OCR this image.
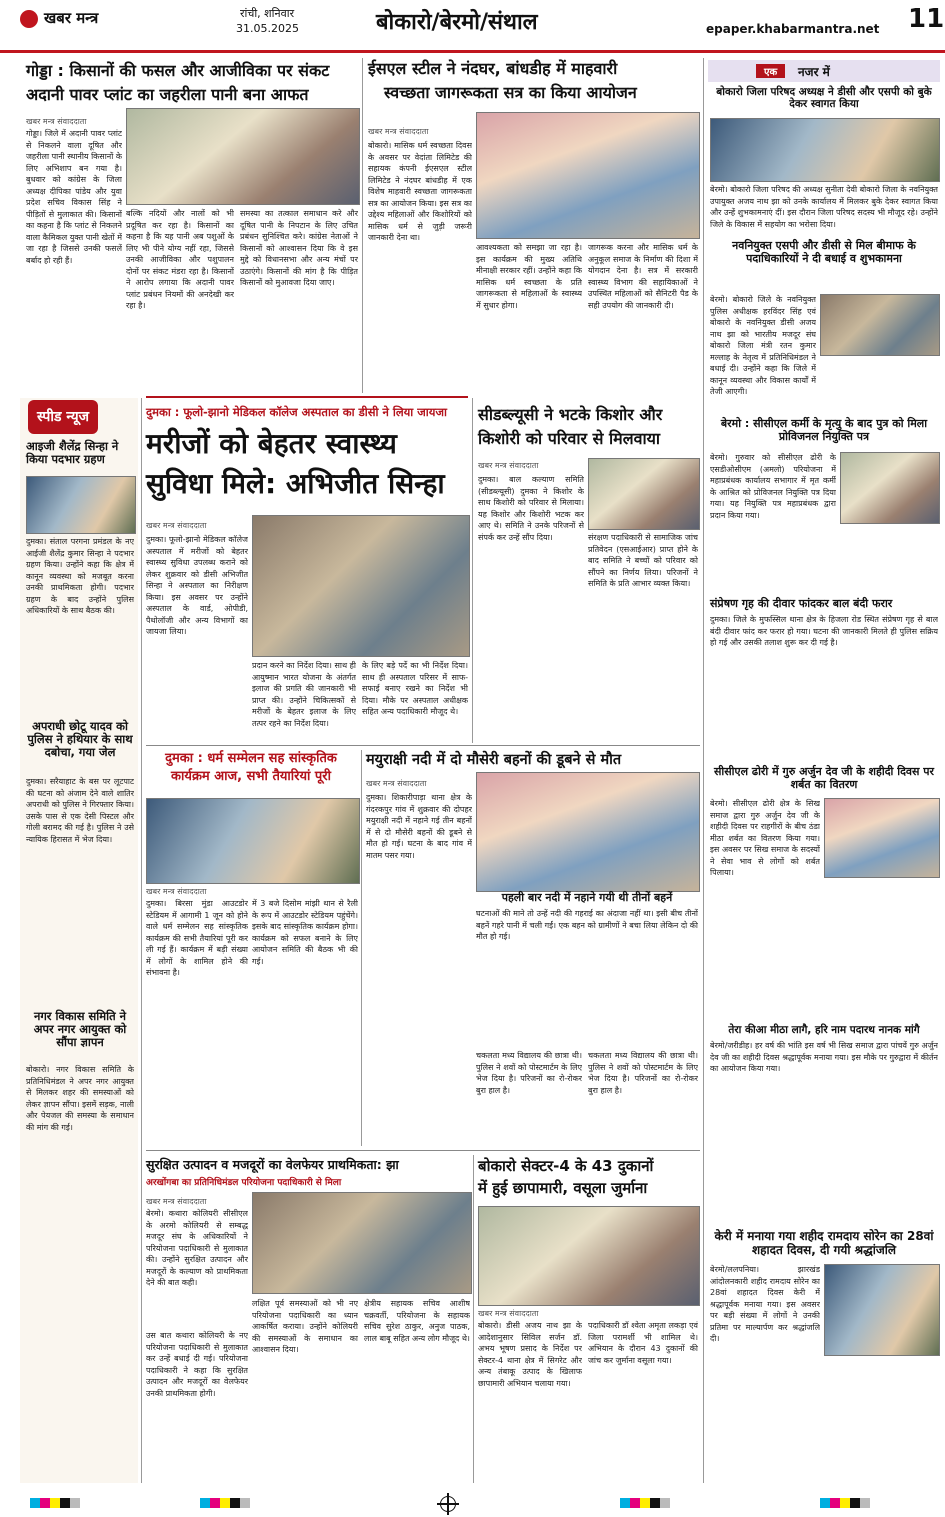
खबर मन्त्र	रांची, शनिवार
31.05.2025	बोकारो/बेरमो/संथाल	epaper.khabarmantra.net 11
गोड्डा : किसानों की फसल और आजीविका पर संकट
अदानी पावर प्लांट का जहरीला पानी बना आफत
खबर मन्त्र संवाददाता
गोड्डा। जिले में अदानी पावर प्लांट से निकलने वाला दूषित और जहरीला पानी स्थानीय किसानों के लिए अभिशाप बन गया है। बुधवार को कांग्रेस के जिला अध्यक्ष दीपिका पांडेय और युवा प्रदेश सचिव विकास सिंह ने पीड़ितों से मुलाकात की। किसानों का कहना है कि प्लांट से निकलने वाला कैमिकल युक्त पानी खेतों में जा रहा है जिससे उनकी फसलें बर्बाद हो रही हैं।
बल्कि नदियों और नालों को भी प्रदूषित कर रहा है। किसानों का कहना है कि यह पानी अब पशुओं के लिए भी पीने योग्य नहीं रहा, जिससे उनकी आजीविका और पशुपालन दोनों पर संकट मंडरा रहा है। किसानों ने आरोप लगाया कि अदानी पावर प्लांट प्रबंधन नियमों की अनदेखी कर रहा है।
समस्या का तत्काल समाधान करे और दूषित पानी के निपटान के लिए उचित प्रबंधन सुनिश्चित करे। कांग्रेस नेताओं ने किसानों को आश्वासन दिया कि वे इस मुद्दे को विधानसभा और अन्य मंचों पर उठाएंगे। किसानों की मांग है कि पीड़ित किसानों को मुआवजा दिया जाए।
ईसएल स्टील ने नंदघर, बांधडीह में माहवारी
स्वच्छता जागरूकता सत्र का किया आयोजन
खबर मन्त्र संवाददाता
बोकारो। मासिक धर्म स्वच्छता दिवस के अवसर पर वेदांता लिमिटेड की सहायक कंपनी ईएसएल स्टील लिमिटेड ने नंदघर बांधडीह में एक विशेष माहवारी स्वच्छता जागरूकता सत्र का आयोजन किया। इस सत्र का उद्देश्य महिलाओं और किशोरियों को मासिक धर्म से जुड़ी जरूरी जानकारी देना था।
आवश्यकता को समझा जा रहा है। इस कार्यक्रम की मुख्य अतिथि मीनाक्षी सरकार रहीं। उन्होंने कहा कि मासिक धर्म स्वच्छता के प्रति जागरूकता से महिलाओं के स्वास्थ्य में सुधार होगा।
जागरूक करना और मासिक धर्म के अनुकूल समाज के निर्माण की दिशा में योगदान देना है। सत्र में सरकारी स्वास्थ्य विभाग की सहायिकाओं ने उपस्थित महिलाओं को सैनिटरी पैड के सही उपयोग की जानकारी दी।
एक	नजर में
बोकारो जिला परिषद अध्यक्ष ने डीसी और एसपी को बुके देकर स्वागत किया
बेरमो। बोकारो जिला परिषद की अध्यक्ष सुनीता देवी बोकारो जिला के नवनियुक्त उपायुक्त अजय नाथ झा को उनके कार्यालय में मिलकर बुके देकर स्वागत किया और उन्हें शुभकामनाएं दीं। इस दौरान जिला परिषद सदस्य भी मौजूद रहे। उन्होंने जिले के विकास में सहयोग का भरोसा दिया।
नवनियुक्त एसपी और डीसी से मिल बीमाफ के पदाधिकारियों ने दी बधाई व शुभकामना
बेरमो। बोकारो जिले के नवनियुक्त पुलिस अधीक्षक हरविंदर सिंह एवं बोकारो के नवनियुक्त डीसी अजय नाथ झा को भारतीय मजदूर संघ बोकारो जिला मंत्री रतन कुमार मल्लाह के नेतृत्व में प्रतिनिधिमंडल ने बधाई दी। उन्होंने कहा कि जिले में कानून व्यवस्था और विकास कार्यों में तेजी आएगी।
बेरमो : सीसीएल कर्मी के मृत्यु के बाद पुत्र को मिला प्रोविजनल नियुक्ति पत्र
बेरमो। गुरुवार को सीसीएल ढोरी के एसडीओसीएम (अमलो) परियोजना में महाप्रबंधक कार्यालय सभागार में मृत कर्मी के आश्रित को प्रोविजनल नियुक्ति पत्र दिया गया। यह नियुक्ति पत्र महाप्रबंधक द्वारा प्रदान किया गया।
संप्रेषण गृह की दीवार फांदकर बाल बंदी फरार
दुमका। जिले के मुफस्सिल थाना क्षेत्र के हिजला रोड स्थित संप्रेषण गृह से बाल बंदी दीवार फांद कर फरार हो गया। घटना की जानकारी मिलते ही पुलिस सक्रिय हो गई और उसकी तलाश शुरू कर दी गई है।
सीसीएल ढोरी में गुरु अर्जुन देव जी के शहीदी दिवस पर शर्बत का वितरण
बेरमो। सीसीएल ढोरी क्षेत्र के सिख समाज द्वारा गुरु अर्जुन देव जी के शहीदी दिवस पर राहगीरों के बीच ठंडा मीठा शर्बत का वितरण किया गया। इस अवसर पर सिख समाज के सदस्यों ने सेवा भाव से लोगों को शर्बत पिलाया।
तेरा कीआ मीठा लागै, हरि नाम पदारथ नानक मांगै
बेरमो/जरीडीह। हर वर्ष की भांति इस वर्ष भी सिख समाज द्वारा पांचवें गुरु अर्जुन देव जी का शहीदी दिवस श्रद्धापूर्वक मनाया गया। इस मौके पर गुरुद्वारा में कीर्तन का आयोजन किया गया।
केरी में मनाया गया शहीद रामदाय सोरेन का 28वां शहादत दिवस, दी गयी श्रद्धांजलि
बेरमो/ललपनिया। झारखंड आंदोलनकारी शहीद रामदाय सोरेन का 28वां शहादत दिवस केरी में श्रद्धापूर्वक मनाया गया। इस अवसर पर बड़ी संख्या में लोगों ने उनकी प्रतिमा पर माल्यार्पण कर श्रद्धांजलि दी।
स्पीड न्यूज
आइजी शैलेंद्र सिन्हा ने किया पदभार ग्रहण
दुमका। संताल परगना प्रमंडल के नए आईजी शैलेंद्र कुमार सिन्हा ने पदभार ग्रहण किया। उन्होंने कहा कि क्षेत्र में कानून व्यवस्था को मजबूत करना उनकी प्राथमिकता होगी। पदभार ग्रहण के बाद उन्होंने पुलिस अधिकारियों के साथ बैठक की।
अपराधी छोटू यादव को पुलिस ने हथियार के साथ दबोचा, गया जेल
दुमका। सरैयाहाट के बस पर लूटपाट की घटना को अंजाम देने वाले शातिर अपराधी को पुलिस ने गिरफ्तार किया। उसके पास से एक देसी पिस्टल और गोली बरामद की गई है। पुलिस ने उसे न्यायिक हिरासत में भेज दिया।
नगर विकास समिति ने अपर नगर आयुक्त को सौंपा ज्ञापन
बोकारो। नगर विकास समिति के प्रतिनिधिमंडल ने अपर नगर आयुक्त से मिलकर शहर की समस्याओं को लेकर ज्ञापन सौंपा। इसमें सड़क, नाली और पेयजल की समस्या के समाधान की मांग की गई।
दुमका : फूलो-झानो मेडिकल कॉलेज अस्पताल का डीसी ने लिया जायजा
मरीजों को बेहतर स्वास्थ्य
सुविधा मिले: अभिजीत सिन्हा
खबर मन्त्र संवाददाता
दुमका। फूलो-झानो मेडिकल कॉलेज अस्पताल में मरीजों को बेहतर स्वास्थ्य सुविधा उपलब्ध कराने को लेकर शुक्रवार को डीसी अभिजीत सिन्हा ने अस्पताल का निरीक्षण किया। इस अवसर पर उन्होंने अस्पताल के वार्ड, ओपीडी, पैथोलॉजी और अन्य विभागों का जायजा लिया।
प्रदान करने का निर्देश दिया। साथ ही आयुष्मान भारत योजना के अंतर्गत इलाज की प्रगति की जानकारी भी प्राप्त की। उन्होंने चिकित्सकों से मरीजों के बेहतर इलाज के लिए तत्पर रहने का निर्देश दिया।
के लिए बड़े पर्दे का भी निर्देश दिया। साथ ही अस्पताल परिसर में साफ-सफाई बनाए रखने का निर्देश भी दिया। मौके पर अस्पताल अधीक्षक सहित अन्य पदाधिकारी मौजूद थे।
सीडब्ल्यूसी ने भटके किशोर और
किशोरी को परिवार से मिलवाया
खबर मन्त्र संवाददाता
दुमका। बाल कल्याण समिति (सीडब्ल्यूसी) दुमका ने किशोर के साथ किशोरी को परिवार से मिलाया। यह किशोर और किशोरी भटक कर आए थे। समिति ने उनके परिजनों से संपर्क कर उन्हें सौंप दिया।	संरक्षण पदाधिकारी से सामाजिक जांच प्रतिवेदन (एसआईआर) प्राप्त होने के बाद समिति ने बच्चों को परिवार को सौंपने का निर्णय लिया। परिजनों ने समिति के प्रति आभार व्यक्त किया।
दुमका : धर्म सम्मेलन सह सांस्कृतिक
कार्यक्रम आज, सभी तैयारियां पूरी
खबर मन्त्र संवाददाता
दुमका। बिरसा मुंडा आउटडोर स्टेडियम में आगामी 1 जून को होने वाले धर्म सम्मेलन सह सांस्कृतिक कार्यक्रम की सभी तैयारियां पूरी कर ली गई हैं। कार्यक्रम में बड़ी संख्या में लोगों के शामिल होने की संभावना है।
में 3 बजे दिसोम मांझी थान से रैली के रूप में आउटडोर स्टेडियम पहुंचेंगे। इसके बाद सांस्कृतिक कार्यक्रम होगा। कार्यक्रम को सफल बनाने के लिए आयोजन समिति की बैठक भी की गई।
मयुराक्षी नदी में दो मौसेरी बहनों की डूबने से मौत
खबर मन्त्र संवाददाता
पहली बार नदी में नहाने गयी थी तीनों बहनें
दुमका। शिकारीपाड़ा थाना क्षेत्र के गंदरकपुर गांव में शुक्रवार की दोपहर मयुराक्षी नदी में नहाने गई तीन बहनों में से दो मौसेरी बहनों की डूबने से मौत हो गई। घटना के बाद गांव में मातम पसर गया।
घटनाओं की माने तो उन्हें नदी की गहराई का अंदाजा नहीं था। इसी बीच तीनों बहनें गहरे पानी में चली गईं। एक बहन को ग्रामीणों ने बचा लिया लेकिन दो की मौत हो गई।
चकलता मध्य विद्यालय की छात्रा थी। पुलिस ने शवों को पोस्टमार्टम के लिए भेज दिया है। परिजनों का रो-रोकर बुरा हाल है।
चकलता मध्य विद्यालय की छात्रा थी। पुलिस ने शवों को पोस्टमार्टम के लिए भेज दिया है। परिजनों का रो-रोकर बुरा हाल है।
सुरक्षित उत्पादन व मजदूरों का वेलफेयर प्राथमिकता: झा
अरखोंगबा का प्रतिनिधिमंडल परियोजना पदाधिकारी से मिला
खबर मन्त्र संवाददाता
बेरमो। कथारा कोलियरी सीसीएल के अरमो कोलियरी से सम्बद्ध मजदूर संघ के अधिकारियों ने परियोजना पदाधिकारी से मुलाकात की। उन्होंने सुरक्षित उत्पादन और मजदूरों के कल्याण को प्राथमिकता देने की बात कही।
उस बात कथारा कोलियरी के नए परियोजना पदाधिकारी से मुलाकात कर उन्हें बधाई दी गई। परियोजना पदाधिकारी ने कहा कि सुरक्षित उत्पादन और मजदूरों का वेलफेयर उनकी प्राथमिकता होगी।
लक्षित पूर्व समस्याओं को भी नए परियोजना पदाधिकारी का ध्यान आकर्षित कराया। उन्होंने कोलियरी की समस्याओं के समाधान का आश्वासन दिया।
क्षेत्रीय सहायक सचिव आशीष चक्रवर्ती, परियोजना के सहायक सचिव सुरेश ठाकुर, अनुज पाठक, लाल बाबू सहित अन्य लोग मौजूद थे।
बोकारो सेक्टर-4 के 43 दुकानों
में हुई छापामारी, वसूला जुर्माना
खबर मन्त्र संवाददाता
बोकारो। डीसी अजय नाथ झा के आदेशानुसार सिविल सर्जन डॉ. अभय भूषण प्रसाद के निर्देश पर सेक्टर-4 थाना क्षेत्र में सिगरेट और अन्य तंबाकू उत्पाद के खिलाफ छापामारी अभियान चलाया गया।
पदाधिकारी डॉ श्वेता अमृता लकड़ा एवं जिला परामर्शी भी शामिल थे। अभियान के दौरान 43 दुकानों की जांच कर जुर्माना वसूला गया।
